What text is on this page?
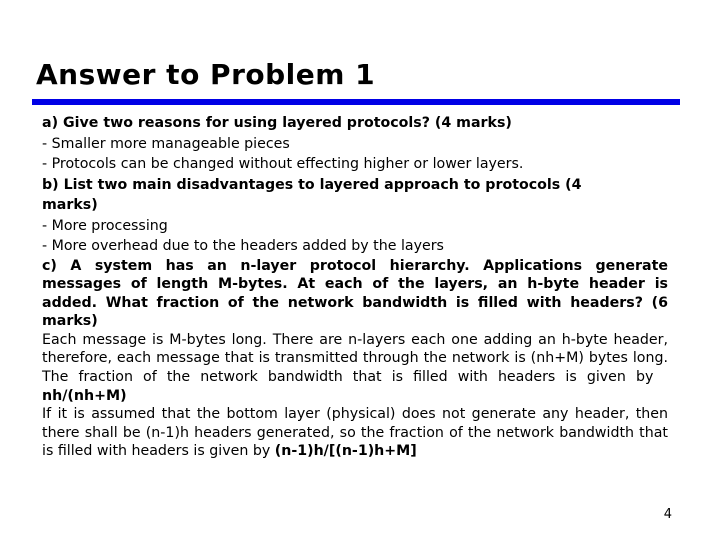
Answer to Problem 1

a) Give two reasons for using layered protocols? (4 marks)

- Smaller more manageable pieces

- Protocols can be changed without effecting higher or lower layers.

b) List two main disadvantages to layered approach to protocols (4 marks)

- More processing

- More overhead due to the headers added by the layers

c) A system has an n-layer protocol hierarchy. Applications generate messages of length M-bytes. At each of the layers, an h-byte header is added. What fraction of the network bandwidth is filled with headers? (6 marks)

Each message is M-bytes long. There are n-layers each one adding an h-byte header, therefore, each message that is transmitted through the network is (nh+M) bytes long. The fraction of the network bandwidth that is filled with headers is given by   nh/(nh+M)

If it is assumed that the bottom layer (physical) does not generate any header, then there shall be (n-1)h headers generated, so the fraction of the network bandwidth that is filled with headers is given by (n-1)h/[(n-1)h+M]

4
